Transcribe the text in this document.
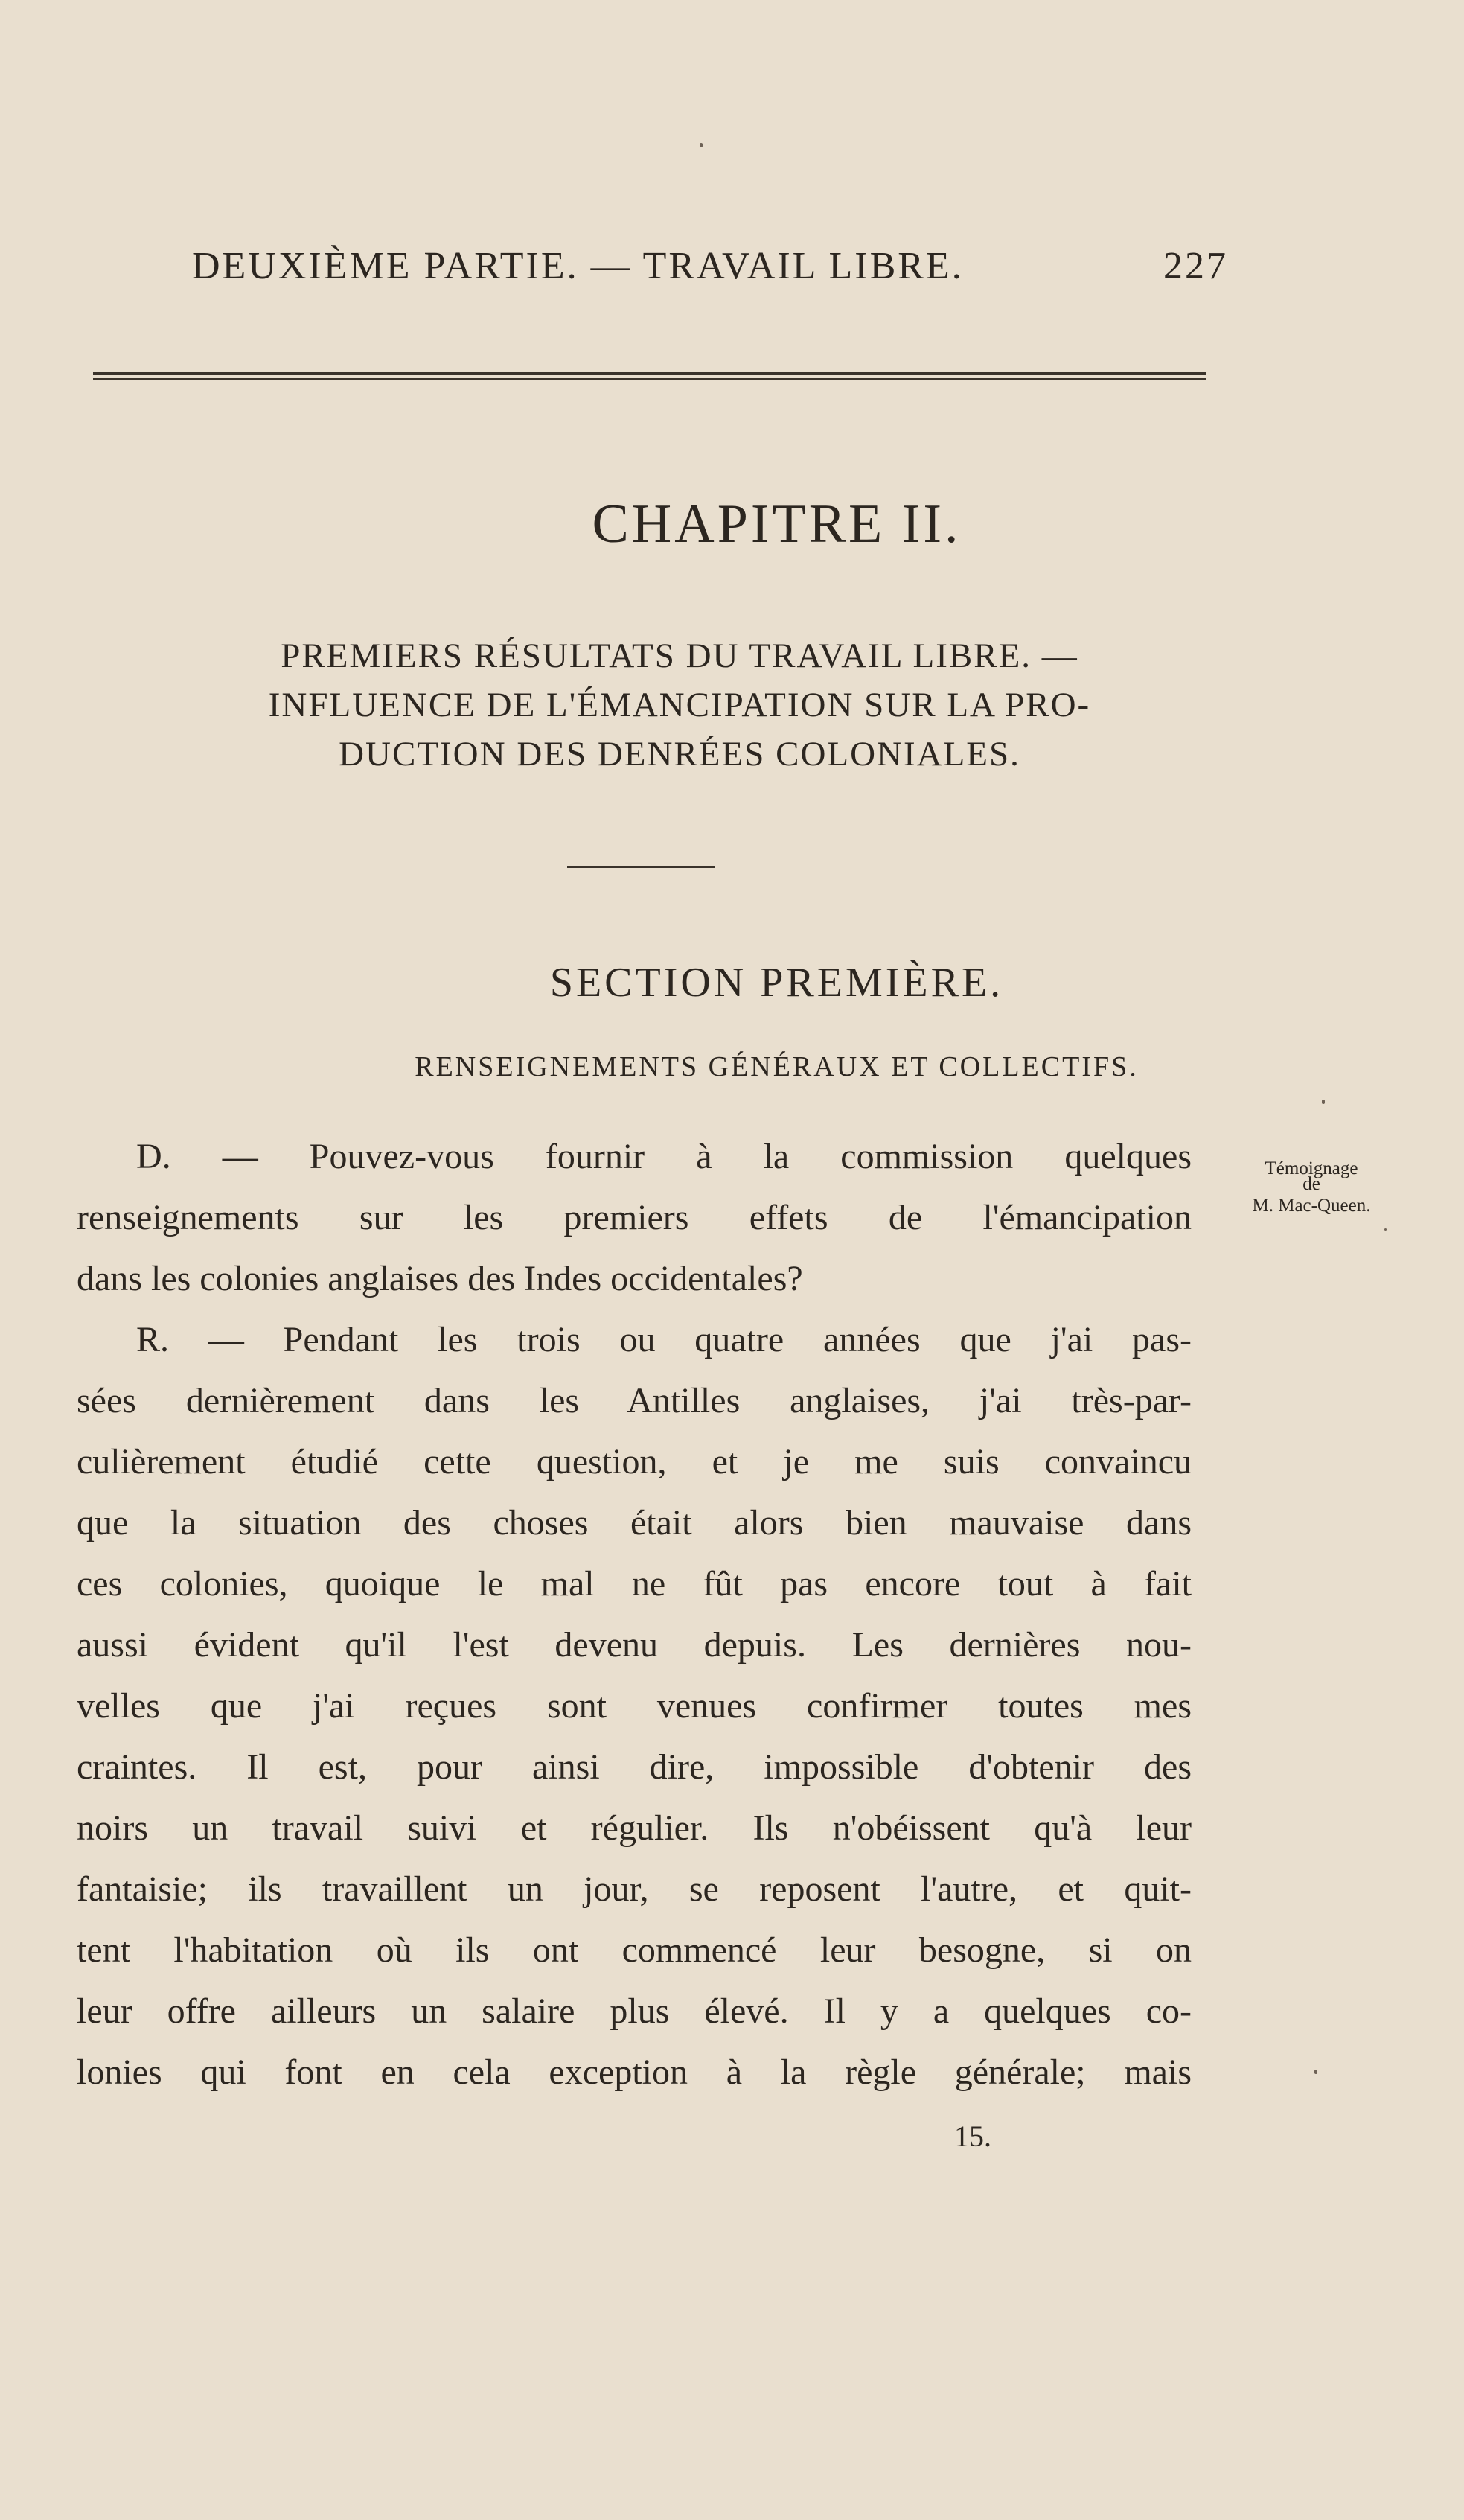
DEUXIÈME PARTIE. — TRAVAIL LIBRE.	227
CHAPITRE II.
PREMIERS RÉSULTATS DU TRAVAIL LIBRE. —
INFLUENCE DE L'ÉMANCIPATION SUR LA PRO-
DUCTION DES DENRÉES COLONIALES.
SECTION PREMIÈRE.
RENSEIGNEMENTS GÉNÉRAUX ET COLLECTIFS.
Témoignage
de
M. Mac-Queen.
D. — Pouvez-vous fournir à la commission quelques
renseignements sur les premiers effets de l'émancipation
dans les colonies anglaises des Indes occidentales?
R. — Pendant les trois ou quatre années que j'ai pas-
sées dernièrement dans les Antilles anglaises, j'ai très-par-
culièrement étudié cette question, et je me suis convaincu
que la situation des choses était alors bien mauvaise dans
ces colonies, quoique le mal ne fût pas encore tout à fait
aussi évident qu'il l'est devenu depuis. Les dernières nou-
velles que j'ai reçues sont venues confirmer toutes mes
craintes. Il est, pour ainsi dire, impossible d'obtenir des
noirs un travail suivi et régulier. Ils n'obéissent qu'à leur
fantaisie; ils travaillent un jour, se reposent l'autre, et quit-
tent l'habitation où ils ont commencé leur besogne, si on
leur offre ailleurs un salaire plus élevé. Il y a quelques co-
lonies qui font en cela exception à la règle générale; mais
15.
